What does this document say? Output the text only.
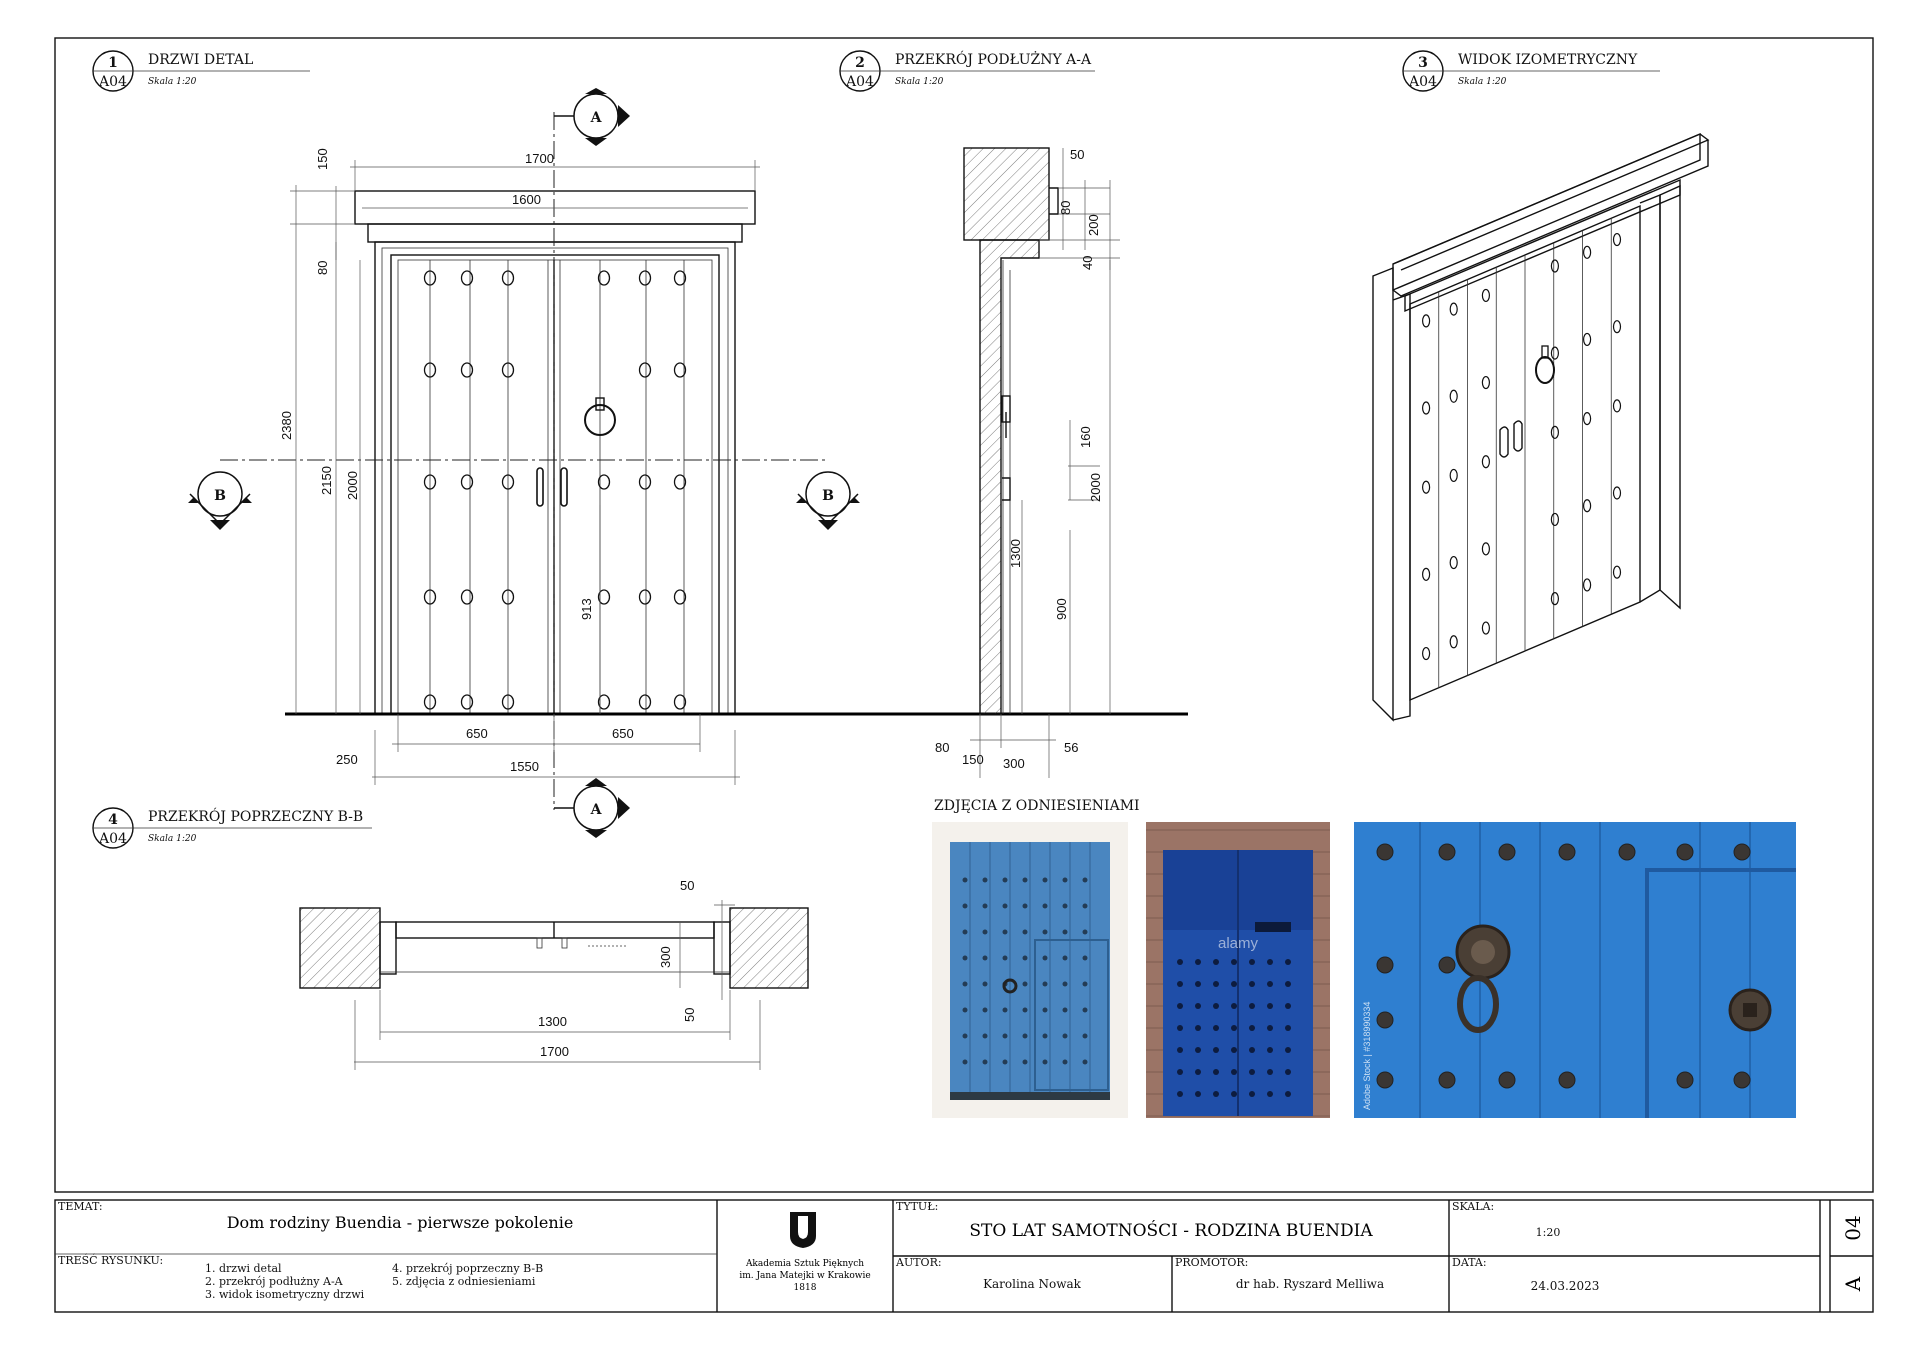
1
A04
DRZWI DETAL
Skala 1:20
2
A04
PRZEKRÓJ PODŁUŻNY A-A
Skala 1:20
3
A04
WIDOK IZOMETRYCZNY
Skala 1:20
4
A04
PRZEKRÓJ POPRZECZNY B-B
Skala 1:20
A
A
B	B
1700
1600
150
80
2380
2150 2000
913
650	650
1550
250
50
80
200
40
160
2000
1300
900
80
150 300
56
50
300
50
1300
1700
ZDJĘCIA Z ODNIESIENIAMI
alamy
Adobe Stock | #318990334
TEMAT:
Dom rodziny Buendia - pierwsze pokolenie
TREŚĆ RYSUNKU:
1. drzwi detal
2. przekrój podłużny A-A
3. widok isometryczny drzwi
4. przekrój poprzeczny B-B
5. zdjęcia z odniesieniami
Akademia Sztuk Pięknych
im. Jana Matejki w Krakowie
1818
TYTUŁ:
STO LAT SAMOTNOŚCI - RODZINA BUENDIA
AUTOR:
Karolina Nowak
PROMOTOR:
dr hab. Ryszard Melliwa
SKALA:
1:20
DATA:
24.03.2023
04
A
